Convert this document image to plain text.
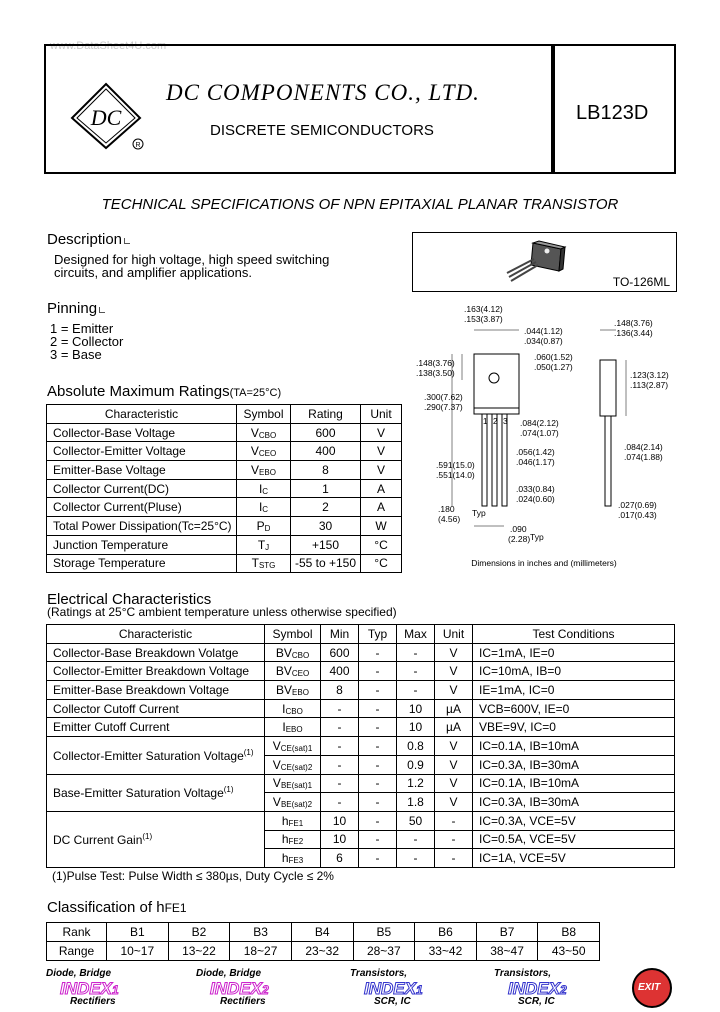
www.DataSheet4U.com
DC
R
DC COMPONENTS CO., LTD.
DISCRETE SEMICONDUCTORS
LB123D
TECHNICAL SPECIFICATIONS OF NPN EPITAXIAL PLANAR TRANSISTOR
Description
Designed for high voltage, high speed switching
circuits, and amplifier applications.
TO-126ML
Pinning
1 = Emitter
2 = Collector
3 = Base
Absolute Maximum Ratings(TA=25°C)
Characteristic	Symbol	Rating	Unit
Collector-Base Voltage	$V_{CBO}$	600	V
Collector-Emitter Voltage	$V_{CEO}$	400	V
Emitter-Base Voltage	$V_{EBO}$	8	V
Collector Current(DC)	$I_C$	1	A
Collector Current(Pluse)	$I_C$	2	A
Total Power Dissipation(Tc=25°C)	$P_D$	30	W
Junction Temperature	$T_J$	+150	°C
Storage Temperature	$T_{STG}$	-55 to +150	°C
.163(4.12)
.153(3.87)
.044(1.12)
.034(0.87)
.148(3.76)
.138(3.50)
.060(1.52)
.050(1.27)
.300(7.62)
.290(7.37)
.084(2.12)
.074(1.07)
.056(1.42)
.046(1.17)
.591(15.0)
.551(14.0)
.033(0.84)
.024(0.60)
.180
(4.56)
Typ
.090
(2.28) Typ
.148(3.76)
.136(3.44)
.123(3.12)
.113(2.87)
.084(2.14)
.074(1.88)
.027(0.69)
.017(0.43)
1 2 3
Dimensions in inches and (millimeters)
Electrical Characteristics
(Ratings at 25°C ambient temperature unless otherwise specified)
Characteristic	Symbol	Min	Typ	Max	Unit	Test Conditions
Collector-Base Breakdown Volatge	$BV_{CBO}$	600	-	-	V	IC=1mA, IE=0
Collector-Emitter Breakdown Voltage	$BV_{CEO}$	400	-	-	V	IC=10mA, IB=0
Emitter-Base Breakdown Voltage	$BV_{EBO}$	8	-	-	V	IE=1mA, IC=0
Collector Cutoff Current	$I_{CBO}$	-	-	10	µA	VCB=600V, IE=0
Emitter Cutoff Current	$I_{EBO}$	-	-	10	µA	VBE=9V, IC=0
Collector-Emitter Saturation Voltage$^{(1)}$	$V_{CE(sat)1}$	-	-	0.8	V	IC=0.1A, IB=10mA
	$V_{CE(sat)2}$	-	-	0.9	V	IC=0.3A, IB=30mA
Base-Emitter Saturation Voltage$^{(1)}$	$V_{BE(sat)1}$	-	-	1.2	V	IC=0.1A, IB=10mA
	$V_{BE(sat)2}$	-	-	1.8	V	IC=0.3A, IB=30mA
DC Current Gain$^{(1)}$	$h_{FE1}$	10	-	50	-	IC=0.3A, VCE=5V
	$h_{FE2}$	10	-	-	-	IC=0.5A, VCE=5V
	$h_{FE3}$	6	-	-	-	IC=1A, VCE=5V
(1)Pulse Test: Pulse Width ≤ 380µs, Duty Cycle ≤ 2%
Classification of hFE1
Rank	B1	B2	B3	B4	B5	B6	B7	B8
Range	10~17	13~22	18~27	23~32	28~37	33~42	38~47	43~50
Diode, Bridge
INDEX1
Rectifiers
Diode, Bridge
INDEX2
Rectifiers
Transistors,
INDEX1
SCR, IC
Transistors,
INDEX2
SCR, IC
EXIT
